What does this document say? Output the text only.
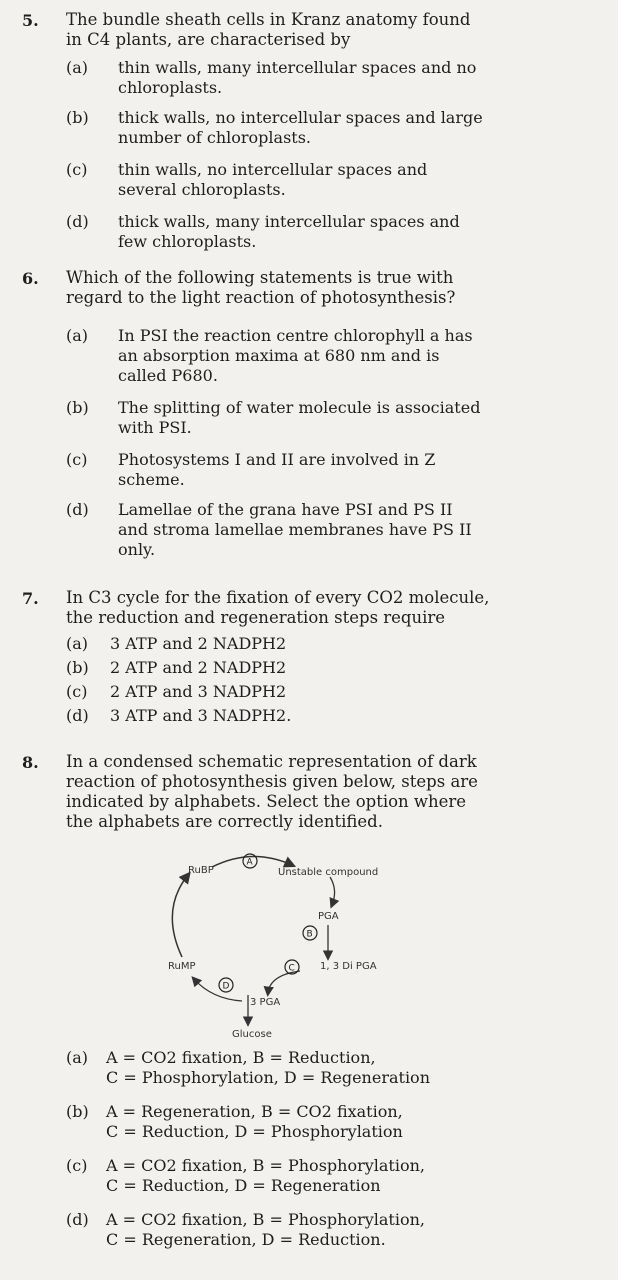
5. The bundle sheath cells in Kranz anatomy found
in C4 plants, are characterised by
(a)	thin walls, many intercellular spaces and no
chloroplasts.
(b)	thick walls, no intercellular spaces and large
number of chloroplasts.
(c)	thin walls, no intercellular spaces and
several chloroplasts.
(d)	thick walls, many intercellular spaces and
few chloroplasts.
6. Which of the following statements is true with
regard to the light reaction of photosynthesis?
(a)	In PSI the reaction centre chlorophyll a has
an absorption maxima at 680 nm and is
called P680.
(b)	The splitting of water molecule is associated
with PSI.
(c)	Photosystems I and II are involved in Z
scheme.
(d)	Lamellae of the grana have PSI and PS II
and stroma lamellae membranes have PS II
only.
7. In C3 cycle for the fixation of every CO2 molecule,
the reduction and regeneration steps require
(a)	3 ATP and 2 NADPH2
(b)	2 ATP and 2 NADPH2
(c)	2 ATP and 3 NADPH2
(d)	3 ATP and 3 NADPH2.
8. In a condensed schematic representation of dark
reaction of photosynthesis given below, steps are
indicated by alphabets. Select the option where
the alphabets are correctly identified.
RuBP	Unstable compound
PGA
1, 3 Di PGA
3 PGA
RuMP
Glucose
A
B
C
D
(a)	A = CO2 fixation, B = Reduction,
C = Phosphorylation, D = Regeneration
(b)	A = Regeneration, B = CO2 fixation,
C = Reduction, D = Phosphorylation
(c)	A = CO2 fixation, B = Phosphorylation,
C = Reduction, D = Regeneration
(d)	A = CO2 fixation, B = Phosphorylation,
C = Regeneration, D = Reduction.
